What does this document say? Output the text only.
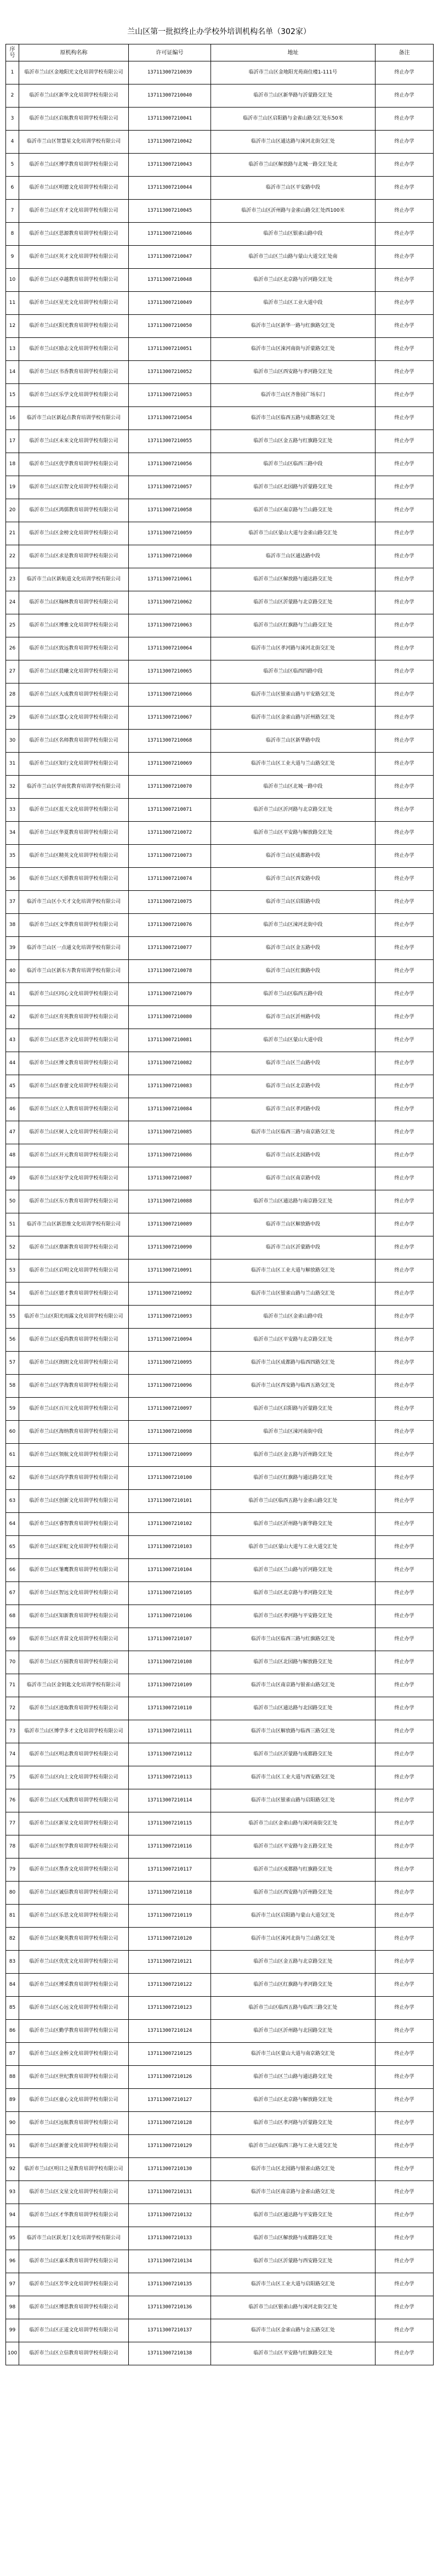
兰山区第一批拟终止办学校外培训机构名单（302家）
序号	原机构名称	许可证编号	地址	备注
1	临沂市兰山区金地阳光文化培训学校有限公司	137113007210039	临沂市兰山区金地阳光苑商住楼1-111号	终止办学
2	临沂市兰山区新华文化培训学校有限公司	137113007210040	临沂市兰山区新华路与沂蒙路交汇处	终止办学
3	临沂市兰山区启航教育培训学校有限公司	137113007210041	临沂市兰山区启阳路与金雀山路交汇处东50米	终止办学
4	临沂市兰山区智慧星文化培训学校有限公司	137113007210042	临沂市兰山区通达路与涑河北街交汇处	终止办学
5	临沂市兰山区博学教育培训学校有限公司	137113007210043	临沂市兰山区解放路与北城一路交汇处北	终止办学
6	临沂市兰山区明德文化培训学校有限公司	137113007210044	临沂市兰山区平安路中段	终止办学
7	临沂市兰山区育才文化培训学校有限公司	137113007210045	临沂市兰山区沂州路与金雀山路交汇处西100米	终止办学
8	临沂市兰山区思源教育培训学校有限公司	137113007210046	临沂市兰山区银雀山路中段	终止办学
9	临沂市兰山区英才文化培训学校有限公司	137113007210047	临沂市兰山区兰山路与蒙山大道交汇处南	终止办学
10	临沂市兰山区卓越教育培训学校有限公司	137113007210048	临沂市兰山区北京路与沂河路交汇处	终止办学
11	临沂市兰山区星光文化培训学校有限公司	137113007210049	临沂市兰山区工业大道中段	终止办学
12	临沂市兰山区阳光教育培训学校有限公司	137113007210050	临沂市兰山区新华一路与红旗路交汇处	终止办学
13	临沂市兰山区励志文化培训学校有限公司	137113007210051	临沂市兰山区涑河南街与沂蒙路交汇处	终止办学
14	临沂市兰山区书香教育培训学校有限公司	137113007210052	临沂市兰山区西安路与孝河路交汇处	终止办学
15	临沂市兰山区乐学文化培训学校有限公司	137113007210053	临沂市兰山区齐鲁园广场东门	终止办学
16	临沂市兰山区新起点教育培训学校有限公司	137113007210054	临沂市兰山区临西五路与成都路交汇处	终止办学
17	临沂市兰山区未来文化培训学校有限公司	137113007210055	临沂市兰山区金五路与红旗路交汇处	终止办学
18	临沂市兰山区优学教育培训学校有限公司	137113007210056	临沂市兰山区临西三路中段	终止办学
19	临沂市兰山区启智文化培训学校有限公司	137113007210057	临沂市兰山区北园路与沂蒙路交汇处	终止办学
20	临沂市兰山区鸿儒教育培训学校有限公司	137113007210058	临沂市兰山区南京路与兰山路交汇处	终止办学
21	临沂市兰山区金榜文化培训学校有限公司	137113007210059	临沂市兰山区蒙山大道与金雀山路交汇处	终止办学
22	临沂市兰山区求是教育培训学校有限公司	137113007210060	临沂市兰山区通达路中段	终止办学
23	临沂市兰山区新航道文化培训学校有限公司	137113007210061	临沂市兰山区解放路与通达路交汇处	终止办学
24	临沂市兰山区翰林教育培训学校有限公司	137113007210062	临沂市兰山区沂蒙路与北京路交汇处	终止办学
25	临沂市兰山区博雅文化培训学校有限公司	137113007210063	临沂市兰山区红旗路与兰山路交汇处	终止办学
26	临沂市兰山区致远教育培训学校有限公司	137113007210064	临沂市兰山区孝河路与涑河北街交汇处	终止办学
27	临沂市兰山区晨曦文化培训学校有限公司	137113007210065	临沂市兰山区临西四路中段	终止办学
28	临沂市兰山区大成教育培训学校有限公司	137113007210066	临沂市兰山区银雀山路与平安路交汇处	终止办学
29	临沂市兰山区慧心文化培训学校有限公司	137113007210067	临沂市兰山区金雀山路与沂州路交汇处	终止办学
30	临沂市兰山区名师教育培训学校有限公司	137113007210068	临沂市兰山区新华路中段	终止办学
31	临沂市兰山区知行文化培训学校有限公司	137113007210069	临沂市兰山区工业大道与兰山路交汇处	终止办学
32	临沂市兰山区学而优教育培训学校有限公司	137113007210070	临沂市兰山区北城一路中段	终止办学
33	临沂市兰山区蓝天文化培训学校有限公司	137113007210071	临沂市兰山区沂河路与北京路交汇处	终止办学
34	临沂市兰山区华夏教育培训学校有限公司	137113007210072	临沂市兰山区平安路与解放路交汇处	终止办学
35	临沂市兰山区精英文化培训学校有限公司	137113007210073	临沂市兰山区成都路中段	终止办学
36	临沂市兰山区天骄教育培训学校有限公司	137113007210074	临沂市兰山区西安路中段	终止办学
37	临沂市兰山区小天才文化培训学校有限公司	137113007210075	临沂市兰山区启阳路中段	终止办学
38	临沂市兰山区文华教育培训学校有限公司	137113007210076	临沂市兰山区涑河北街中段	终止办学
39	临沂市兰山区一点通文化培训学校有限公司	137113007210077	临沂市兰山区金五路中段	终止办学
40	临沂市兰山区新东方教育培训学校有限公司	137113007210078	临沂市兰山区红旗路中段	终止办学
41	临沂市兰山区同心文化培训学校有限公司	137113007210079	临沂市兰山区临西五路中段	终止办学
42	临沂市兰山区育英教育培训学校有限公司	137113007210080	临沂市兰山区沂州路中段	终止办学
43	临沂市兰山区思齐文化培训学校有限公司	137113007210081	临沂市兰山区蒙山大道中段	终止办学
44	临沂市兰山区博文教育培训学校有限公司	137113007210082	临沂市兰山区兰山路中段	终止办学
45	临沂市兰山区春蕾文化培训学校有限公司	137113007210083	临沂市兰山区北京路中段	终止办学
46	临沂市兰山区立人教育培训学校有限公司	137113007210084	临沂市兰山区孝河路中段	终止办学
47	临沂市兰山区树人文化培训学校有限公司	137113007210085	临沂市兰山区临西三路与南京路交汇处	终止办学
48	临沂市兰山区开元教育培训学校有限公司	137113007210086	临沂市兰山区北园路中段	终止办学
49	临沂市兰山区好学文化培训学校有限公司	137113007210087	临沂市兰山区南京路中段	终止办学
50	临沂市兰山区东方教育培训学校有限公司	137113007210088	临沂市兰山区通达路与南京路交汇处	终止办学
51	临沂市兰山区新思维文化培训学校有限公司	137113007210089	临沂市兰山区解放路中段	终止办学
52	临沂市兰山区鼎新教育培训学校有限公司	137113007210090	临沂市兰山区沂蒙路中段	终止办学
53	临沂市兰山区启明文化培训学校有限公司	137113007210091	临沂市兰山区工业大道与解放路交汇处	终止办学
54	临沂市兰山区德才教育培训学校有限公司	137113007210092	临沂市兰山区银雀山路与兰山路交汇处	终止办学
55	临沂市兰山区阳光雨露文化培训学校有限公司	137113007210093	临沂市兰山区金雀山路中段	终止办学
56	临沂市兰山区爱尚教育培训学校有限公司	137113007210094	临沂市兰山区平安路与北京路交汇处	终止办学
57	临沂市兰山区朗朗文化培训学校有限公司	137113007210095	临沂市兰山区成都路与临西四路交汇处	终止办学
58	临沂市兰山区学海教育培训学校有限公司	137113007210096	临沂市兰山区西安路与临西五路交汇处	终止办学
59	临沂市兰山区百川文化培训学校有限公司	137113007210097	临沂市兰山区启阳路与沂蒙路交汇处	终止办学
60	临沂市兰山区海纳教育培训学校有限公司	137113007210098	临沂市兰山区涑河南街中段	终止办学
61	临沂市兰山区领航文化培训学校有限公司	137113007210099	临沂市兰山区金五路与沂州路交汇处	终止办学
62	临沂市兰山区尚学教育培训学校有限公司	137113007210100	临沂市兰山区红旗路与通达路交汇处	终止办学
63	临沂市兰山区创新文化培训学校有限公司	137113007210101	临沂市兰山区临西五路与金雀山路交汇处	终止办学
64	临沂市兰山区睿智教育培训学校有限公司	137113007210102	临沂市兰山区沂州路与新华路交汇处	终止办学
65	临沂市兰山区彩虹文化培训学校有限公司	137113007210103	临沂市兰山区蒙山大道与工业大道交汇处	终止办学
66	临沂市兰山区雏鹰教育培训学校有限公司	137113007210104	临沂市兰山区兰山路与沂河路交汇处	终止办学
67	临沂市兰山区智远文化培训学校有限公司	137113007210105	临沂市兰山区北京路与孝河路交汇处	终止办学
68	临沂市兰山区知新教育培训学校有限公司	137113007210106	临沂市兰山区孝河路与平安路交汇处	终止办学
69	临沂市兰山区青苗文化培训学校有限公司	137113007210107	临沂市兰山区临西三路与红旗路交汇处	终止办学
70	临沂市兰山区方圆教育培训学校有限公司	137113007210108	临沂市兰山区北园路与解放路交汇处	终止办学
71	临沂市兰山区金钥匙文化培训学校有限公司	137113007210109	临沂市兰山区南京路与银雀山路交汇处	终止办学
72	临沂市兰山区进取教育培训学校有限公司	137113007210110	临沂市兰山区通达路与北园路交汇处	终止办学
73	临沂市兰山区博学多才文化培训学校有限公司	137113007210111	临沂市兰山区解放路与临西三路交汇处	终止办学
74	临沂市兰山区明志教育培训学校有限公司	137113007210112	临沂市兰山区沂蒙路与成都路交汇处	终止办学
75	临沂市兰山区向上文化培训学校有限公司	137113007210113	临沂市兰山区工业大道与西安路交汇处	终止办学
76	临沂市兰山区天成教育培训学校有限公司	137113007210114	临沂市兰山区银雀山路与启阳路交汇处	终止办学
77	临沂市兰山区新星文化培训学校有限公司	137113007210115	临沂市兰山区金雀山路与涑河南街交汇处	终止办学
78	临沂市兰山区恒学教育培训学校有限公司	137113007210116	临沂市兰山区平安路与金五路交汇处	终止办学
79	临沂市兰山区墨香文化培训学校有限公司	137113007210117	临沂市兰山区成都路与红旗路交汇处	终止办学
80	临沂市兰山区诚信教育培训学校有限公司	137113007210118	临沂市兰山区西安路与沂州路交汇处	终止办学
81	临沂市兰山区乐思文化培训学校有限公司	137113007210119	临沂市兰山区启阳路与蒙山大道交汇处	终止办学
82	临沂市兰山区聚英教育培训学校有限公司	137113007210120	临沂市兰山区涑河北街与兰山路交汇处	终止办学
83	临沂市兰山区优优文化培训学校有限公司	137113007210121	临沂市兰山区金五路与北京路交汇处	终止办学
84	临沂市兰山区博采教育培训学校有限公司	137113007210122	临沂市兰山区红旗路与孝河路交汇处	终止办学
85	临沂市兰山区心远文化培训学校有限公司	137113007210123	临沂市兰山区临西五路与临西三路交汇处	终止办学
86	临沂市兰山区勤学教育培训学校有限公司	137113007210124	临沂市兰山区沂州路与北园路交汇处	终止办学
87	临沂市兰山区金桥文化培训学校有限公司	137113007210125	临沂市兰山区蒙山大道与南京路交汇处	终止办学
88	临沂市兰山区世纪教育培训学校有限公司	137113007210126	临沂市兰山区兰山路与通达路交汇处	终止办学
89	临沂市兰山区童心文化培训学校有限公司	137113007210127	临沂市兰山区北京路与解放路交汇处	终止办学
90	临沂市兰山区远航教育培训学校有限公司	137113007210128	临沂市兰山区孝河路与沂蒙路交汇处	终止办学
91	临沂市兰山区新蕾文化培训学校有限公司	137113007210129	临沂市兰山区临西三路与工业大道交汇处	终止办学
92	临沂市兰山区明日之星教育培训学校有限公司	137113007210130	临沂市兰山区北园路与银雀山路交汇处	终止办学
93	临沂市兰山区文星文化培训学校有限公司	137113007210131	临沂市兰山区南京路与金雀山路交汇处	终止办学
94	临沂市兰山区才华教育培训学校有限公司	137113007210132	临沂市兰山区通达路与平安路交汇处	终止办学
95	临沂市兰山区跃龙门文化培训学校有限公司	137113007210133	临沂市兰山区解放路与成都路交汇处	终止办学
96	临沂市兰山区嘉禾教育培训学校有限公司	137113007210134	临沂市兰山区沂蒙路与西安路交汇处	终止办学
97	临沂市兰山区芳华文化培训学校有限公司	137113007210135	临沂市兰山区工业大道与启阳路交汇处	终止办学
98	临沂市兰山区博思教育培训学校有限公司	137113007210136	临沂市兰山区银雀山路与涑河北街交汇处	终止办学
99	临沂市兰山区正道文化培训学校有限公司	137113007210137	临沂市兰山区金雀山路与金五路交汇处	终止办学
100	临沂市兰山区立信教育培训学校有限公司	137113007210138	临沂市兰山区平安路与红旗路交汇处	终止办学
